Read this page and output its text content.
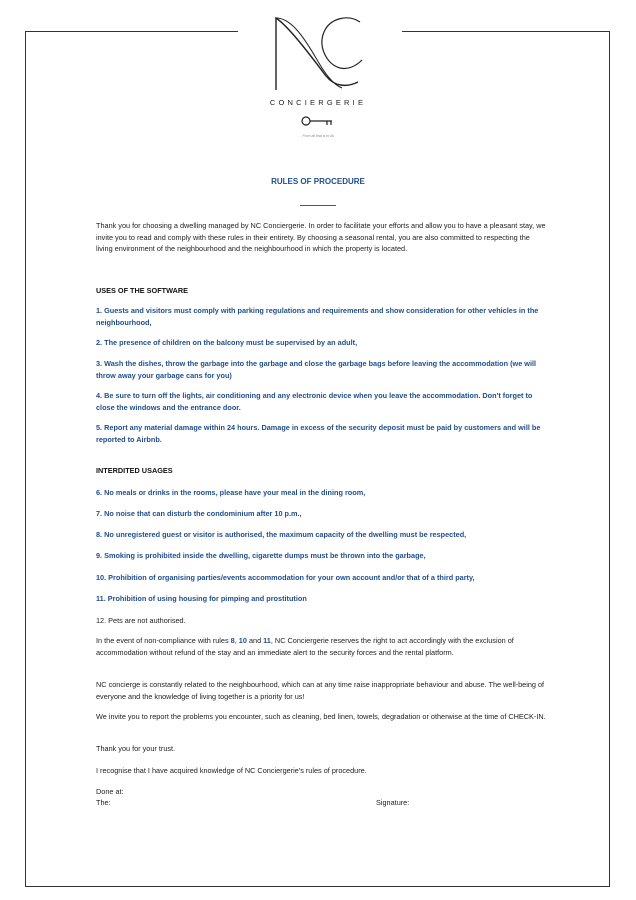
CONCIERGERIE
From all that is to all
RULES OF PROCEDURE
Thank you for choosing a dwelling managed by NC Conciergerie. In order to facilitate your efforts and allow you to have a pleasant stay, we invite you to read and comply with these rules in their entirety. By choosing a seasonal rental, you are also committed to respecting the living environment of the neighbourhood and the neighbourhood in which the property is located.
USES OF THE SOFTWARE
1. Guests and visitors must comply with parking regulations and requirements and show consideration for other vehicles in the neighbourhood,
2. The presence of children on the balcony must be supervised by an adult,
3. Wash the dishes, throw the garbage into the garbage and close the garbage bags before leaving the accommodation (we will throw away your garbage cans for you)
4. Be sure to turn off the lights, air conditioning and any electronic device when you leave the accommodation. Don't forget to close the windows and the entrance door.
5. Report any material damage within 24 hours. Damage in excess of the security deposit must be paid by customers and will be reported to Airbnb.
INTERDITED USAGES
6. No meals or drinks in the rooms, please have your meal in the dining room,
7. No noise that can disturb the condominium after 10 p.m.,
8. No unregistered guest or visitor is authorised, the maximum capacity of the dwelling must be respected,
9. Smoking is prohibited inside the dwelling, cigarette dumps must be thrown into the garbage,
10. Prohibition of organising parties/events accommodation for your own account and/or that of a third party,
11. Prohibition of using housing for pimping and prostitution
12. Pets are not authorised.
In the event of non-compliance with rules 8, 10 and 11, NC Conciergerie reserves the right to act accordingly with the exclusion of accommodation without refund of the stay and an immediate alert to the security forces and the rental platform.
NC concierge is constantly related to the neighbourhood, which can at any time raise inappropriate behaviour and abuse. The well-being of everyone and the knowledge of living together is a priority for us!
We invite you to report the problems you encounter, such as cleaning, bed linen, towels, degradation or otherwise at the time of CHECK-IN.
Thank you for your trust.
I recognise that I have acquired knowledge of NC Conciergerie's rules of procedure.
Done at:
The:	Signature:
